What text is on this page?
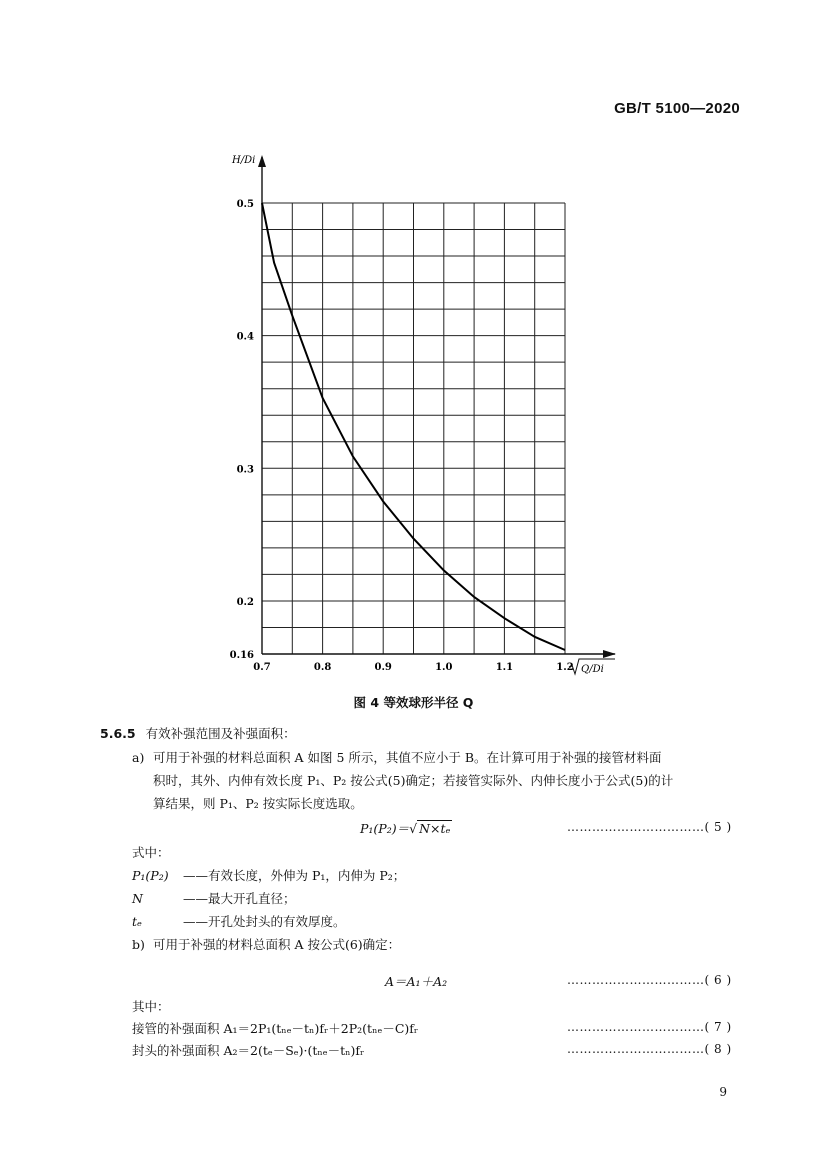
GB/T 5100—2020
H/Di
Q/Di
0.5
0.4
0.3
0.2
0.16
0.7	0.8	0.9	1.0	1.1	1.2
图 4 等效球形半径 Q
5.6.5 有效补强范围及补强面积：
a) 可用于补强的材料总面积 A 如图 5 所示，其值不应小于 B。在计算可用于补强的接管材料面
积时，其外、内伸有效长度 P₁、P₂ 按公式(5)确定；若接管实际外、内伸长度小于公式(5)的计
算结果，则 P₁、P₂ 按实际长度选取。
P₁(P₂)＝√ N×tₑ	……………………………( 5 )
式中：
P₁(P₂) ——有效长度，外伸为 P₁，内伸为 P₂；
N	——最大开孔直径；
tₑ	——开孔处封头的有效厚度。
b) 可用于补强的材料总面积 A 按公式(6)确定：
A＝A₁＋A₂	……………………………( 6 )
其中：
接管的补强面积 A₁＝2P₁(tₙₑ－tₙ)fᵣ＋2P₂(tₙₑ－C)fᵣ	……………………………( 7 )
封头的补强面积 A₂＝2(tₑ－Sₑ)·(tₙₑ－tₙ)fᵣ	……………………………( 8 )
9
